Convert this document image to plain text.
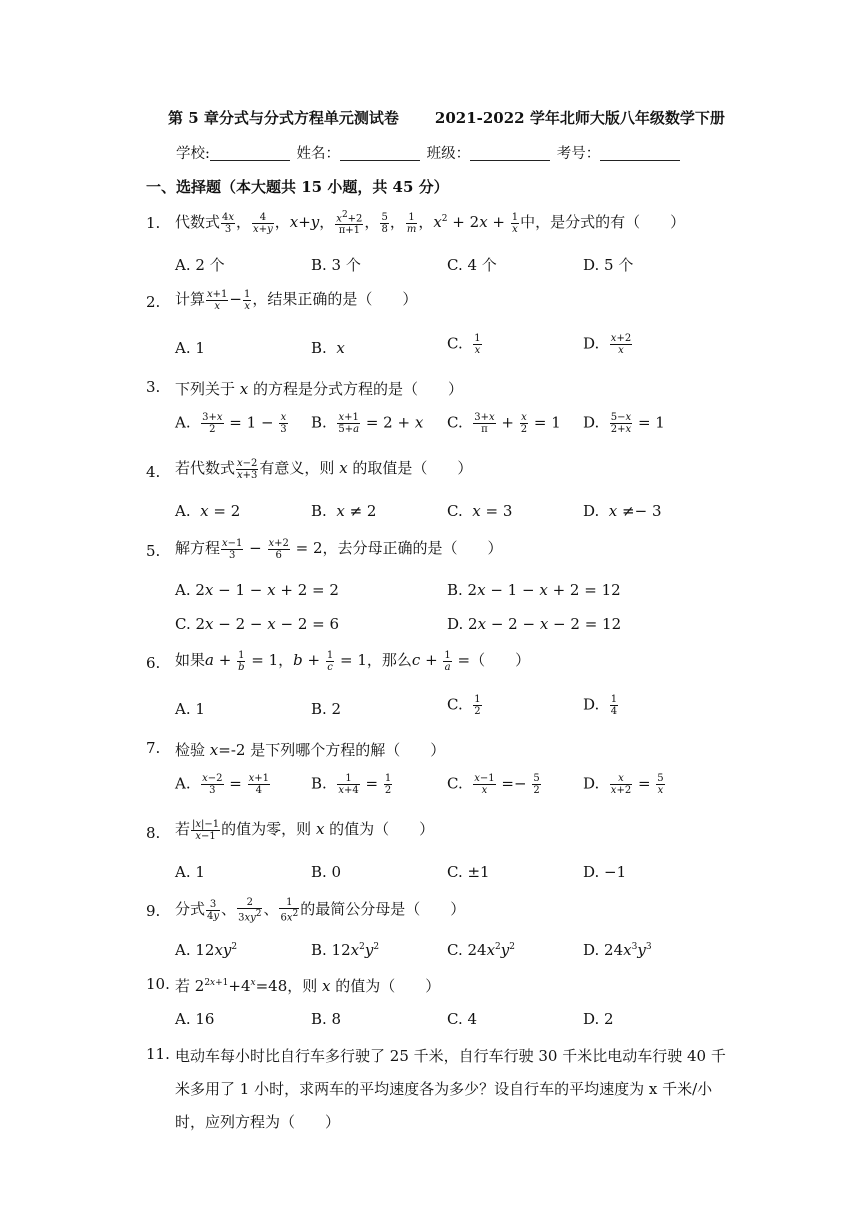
第 5 章分式与分式方程单元测试卷 2021-2022 学年北师大版八年级数学下册
学校:	姓名：	班级：	考号：
一、选择题（本大题共 15 小题，共 45 分）
1. 代数式 $\frac{4x}{3}$ ， $\frac{4}{x+y}$ ，x+y， $\frac{x^2+2}{\pi+1}$ ， $\frac{5}{8}$ ， $\frac{1}{m}$ ，$x^2 + 2x + \frac{1}{x}$ 中，是分式的有（　　）
A. 2 个	B. 3 个	C. 4 个	D. 5 个
2. 计算 $\frac{x+1}{x} - \frac{1}{x}$ ，结果正确的是（　　）
A. 1	B.  x	C. $\frac{1}{x}$	D. $\frac{x+2}{x}$
3. 下列关于 x 的方程是分式方程的是（　　）
A. $\frac{3+x}{2} = 1 - \frac{x}{3} B$. $\frac{x+1}{5+a} = 2 + x$ C. $\frac{3+x}{\pi} + \frac{x}{2} = 1$ D. $\frac{5-x}{2+x} = 1$
4. 若代数式 $\frac{x-2}{x+3}$ 有意义，则 x 的取值是（　　）
A.  x = 2	B.  x ≠ 2	C.  x = 3	D.  x ≠− 3
5. 解方程 $\frac{x-1}{3} - \frac{x+2}{6} = 2$，去分母正确的是（　　）
A. 2x − 1 − x + 2 = 2	B. 2x − 1 − x + 2 = 12
C. 2x − 2 − x − 2 = 6	D. 2x − 2 − x − 2 = 12
6. 如果$a + \frac{1}{b} = 1$，$b + \frac{1}{c} = 1$，那么$c + \frac{1}{a}$ =（　　）
A. 1	B. 2	C. $\frac{1}{2}$	D. $\frac{1}{4}$
7. 检验 x=-2 是下列哪个方程的解（　　）
A. $\frac{x-2}{3} = \frac{x+1}{4}$	B. $\frac{1}{x+4} = \frac{1}{2}$	C. $\frac{x-1}{x} =- \frac{5}{2}$	D. $\frac{x}{x+2} = \frac{5}{x}$
8. 若 $\frac{|x|-1}{x-1}$ 的值为零，则 x 的值为（　　）
A. 1	B. 0	C. ±1	D. −1
9. 分式 $\frac{3}{4y}$ 、 $\frac{2}{3xy^2}$ 、 $\frac{1}{6x^2}$ 的最简公分母是（　　）
A. $12xy^2$	B. $12x^2y^2$	C. $24x^2y^2$	D. $24x^3y^3$
10. 若 $2^{2x+1}+4^x=48$，则 x 的值为（　　）
A. 16	B. 8	C. 4	D. 2
11. 电动车每小时比自行车多行驶了 25 千米，自行车行驶 30 千米比电动车行驶 40 千
米多用了 1 小时，求两车的平均速度各为多少？设自行车的平均速度为 x 千米/小
时，应列方程为（　　）
